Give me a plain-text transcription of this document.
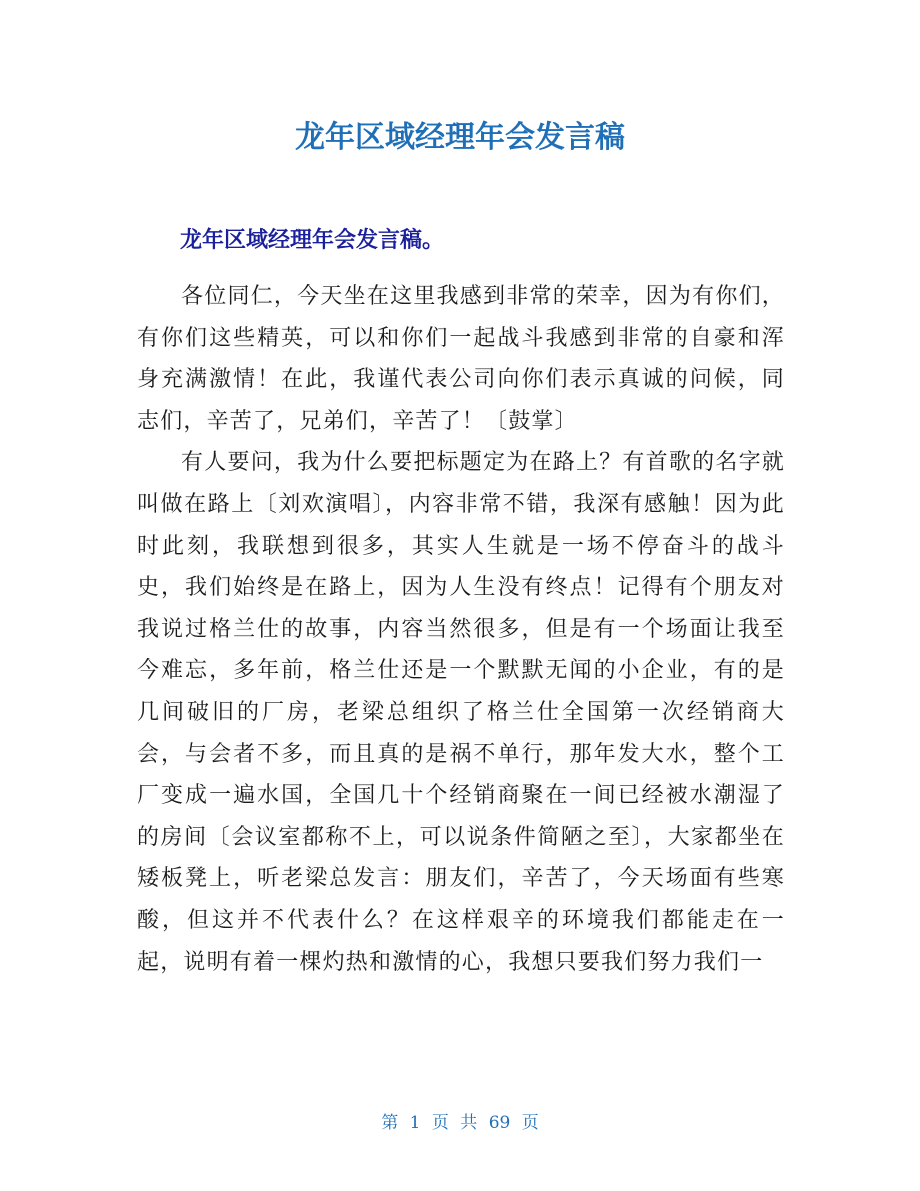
龙年区域经理年会发言稿
龙年区域经理年会发言稿。

各位同仁，今天坐在这里我感到非常的荣幸，因为有你们，有你们这些精英，可以和你们一起战斗我感到非常的自豪和浑身充满激情！在此，我谨代表公司向你们表示真诚的问候，同志们，辛苦了，兄弟们，辛苦了！〔鼓掌〕

有人要问，我为什么要把标题定为在路上？有首歌的名字就叫做在路上〔刘欢演唱〕，内容非常不错，我深有感触！因为此时此刻，我联想到很多，其实人生就是一场不停奋斗的战斗史，我们始终是在路上，因为人生没有终点！记得有个朋友对我说过格兰仕的故事，内容当然很多，但是有一个场面让我至今难忘，多年前，格兰仕还是一个默默无闻的小企业，有的是几间破旧的厂房，老梁总组织了格兰仕全国第一次经销商大会，与会者不多，而且真的是祸不单行，那年发大水，整个工厂变成一遍水国，全国几十个经销商聚在一间已经被水潮湿了的房间〔会议室都称不上，可以说条件简陋之至〕，大家都坐在矮板凳上，听老梁总发言：朋友们，辛苦了，今天场面有些寒酸，但这并不代表什么？在这样艰辛的环境我们都能走在一起，说明有着一棵灼热和激情的心，我想只要我们努力我们一

第 1 页 共 69 页
